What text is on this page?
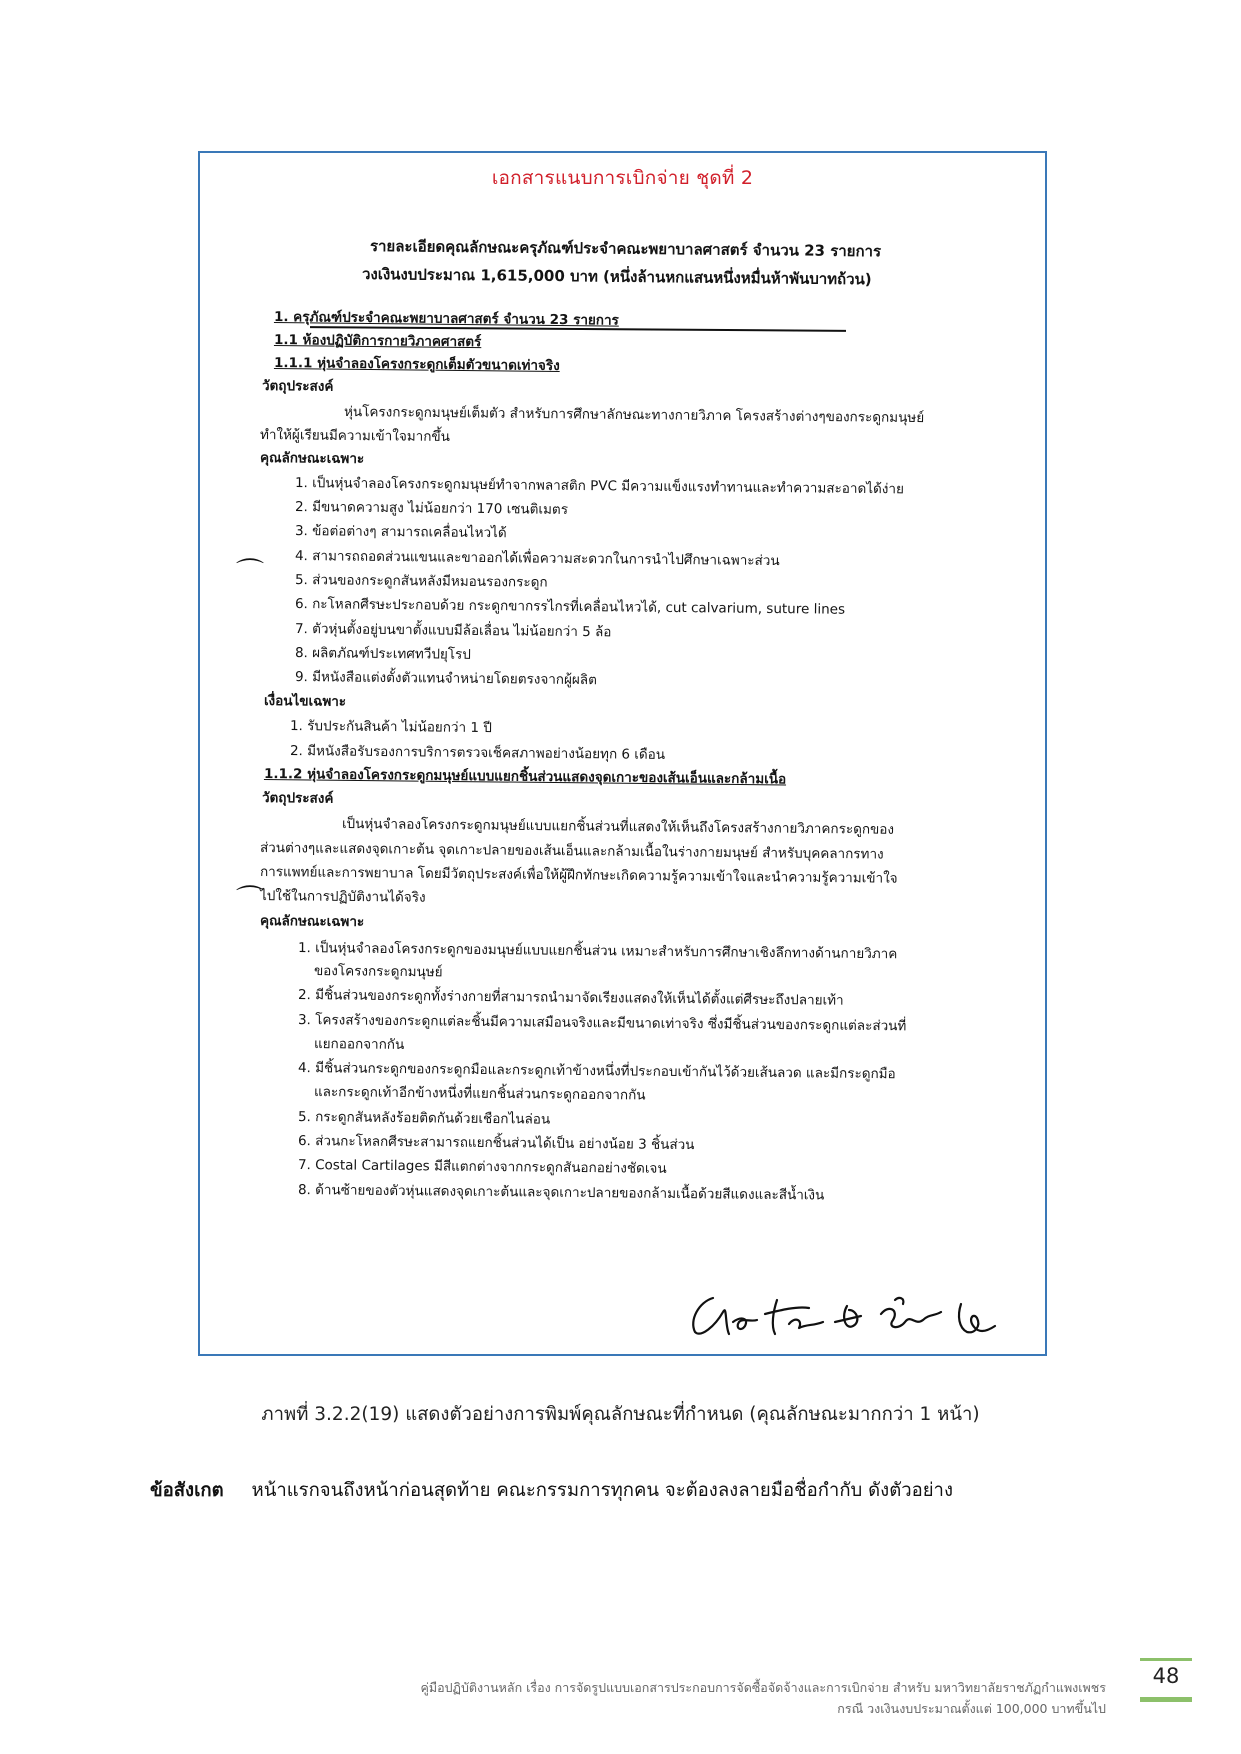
เอกสารแนบการเบิกจ่าย ชุดที่ 2
รายละเอียดคุณลักษณะครุภัณฑ์ประจำคณะพยาบาลศาสตร์ จำนวน 23 รายการ
วงเงินงบประมาณ 1,615,000 บาท (หนึ่งล้านหกแสนหนึ่งหมื่นห้าพันบาทถ้วน)
1. ครุภัณฑ์ประจำคณะพยาบาลศาสตร์ จำนวน 23 รายการ
1.1 ห้องปฏิบัติการกายวิภาคศาสตร์
1.1.1 หุ่นจำลองโครงกระดูกเต็มตัวขนาดเท่าจริง
วัตถุประสงค์
หุ่นโครงกระดูกมนุษย์เต็มตัว สำหรับการศึกษาลักษณะทางกายวิภาค โครงสร้างต่างๆของกระดูกมนุษย์
ทำให้ผู้เรียนมีความเข้าใจมากขึ้น
คุณลักษณะเฉพาะ
1. เป็นหุ่นจำลองโครงกระดูกมนุษย์ทำจากพลาสติก PVC มีความแข็งแรงทำทานและทำความสะอาดได้ง่าย
2. มีขนาดความสูง ไม่น้อยกว่า 170 เซนติเมตร
3. ข้อต่อต่างๆ สามารถเคลื่อนไหวได้
4. สามารถถอดส่วนแขนและขาออกได้เพื่อความสะดวกในการนำไปศึกษาเฉพาะส่วน
5. ส่วนของกระดูกสันหลังมีหมอนรองกระดูก
6. กะโหลกศีรษะประกอบด้วย กระดูกขากรรไกรที่เคลื่อนไหวได้, cut calvarium, suture lines
7. ตัวหุ่นตั้งอยู่บนขาตั้งแบบมีล้อเลื่อน ไม่น้อยกว่า 5 ล้อ
8. ผลิตภัณฑ์ประเทศทวีปยุโรป
9. มีหนังสือแต่งตั้งตัวแทนจำหน่ายโดยตรงจากผู้ผลิต
เงื่อนไขเฉพาะ
1. รับประกันสินค้า ไม่น้อยกว่า 1 ปี
2. มีหนังสือรับรองการบริการตรวจเช็คสภาพอย่างน้อยทุก 6 เดือน
1.1.2 หุ่นจำลองโครงกระดูกมนุษย์แบบแยกชิ้นส่วนแสดงจุดเกาะของเส้นเอ็นและกล้ามเนื้อ
วัตถุประสงค์
เป็นหุ่นจำลองโครงกระดูกมนุษย์แบบแยกชิ้นส่วนที่แสดงให้เห็นถึงโครงสร้างกายวิภาคกระดูกของ
ส่วนต่างๆและแสดงจุดเกาะต้น จุดเกาะปลายของเส้นเอ็นและกล้ามเนื้อในร่างกายมนุษย์ สำหรับบุคคลากรทาง
การแพทย์และการพยาบาล โดยมีวัตถุประสงค์เพื่อให้ผู้ฝึกทักษะเกิดความรู้ความเข้าใจและนำความรู้ความเข้าใจ
ไปใช้ในการปฏิบัติงานได้จริง
คุณลักษณะเฉพาะ
1. เป็นหุ่นจำลองโครงกระดูกของมนุษย์แบบแยกชิ้นส่วน เหมาะสำหรับการศึกษาเชิงลึกทางด้านกายวิภาค
ของโครงกระดูกมนุษย์
2. มีชิ้นส่วนของกระดูกทั้งร่างกายที่สามารถนำมาจัดเรียงแสดงให้เห็นได้ตั้งแต่ศีรษะถึงปลายเท้า
3. โครงสร้างของกระดูกแต่ละชิ้นมีความเสมือนจริงและมีขนาดเท่าจริง ซึ่งมีชิ้นส่วนของกระดูกแต่ละส่วนที่
แยกออกจากกัน
4. มีชิ้นส่วนกระดูกของกระดูกมือและกระดูกเท้าข้างหนึ่งที่ประกอบเข้ากันไว้ด้วยเส้นลวด และมีกระดูกมือ
และกระดูกเท้าอีกข้างหนึ่งที่แยกชิ้นส่วนกระดูกออกจากกัน
5. กระดูกสันหลังร้อยติดกันด้วยเชือกไนล่อน
6. ส่วนกะโหลกศีรษะสามารถแยกชิ้นส่วนได้เป็น อย่างน้อย 3 ชิ้นส่วน
7. Costal Cartilages มีสีแตกต่างจากกระดูกสันอกอย่างชัดเจน
8. ด้านซ้ายของตัวหุ่นแสดงจุดเกาะต้นและจุดเกาะปลายของกล้ามเนื้อด้วยสีแดงและสีน้ำเงิน
⌒
⌒
ภาพที่ 3.2.2(19) แสดงตัวอย่างการพิมพ์คุณลักษณะที่กำหนด (คุณลักษณะมากกว่า 1 หน้า)
ข้อสังเกต หน้าแรกจนถึงหน้าก่อนสุดท้าย คณะกรรมการทุกคน จะต้องลงลายมือชื่อกำกับ ดังตัวอย่าง
48
คู่มือปฏิบัติงานหลัก เรื่อง การจัดรูปแบบเอกสารประกอบการจัดซื้อจัดจ้างและการเบิกจ่าย สำหรับ มหาวิทยาลัยราชภัฏกำแพงเพชร
กรณี วงเงินงบประมาณตั้งแต่ 100,000 บาทขึ้นไป
